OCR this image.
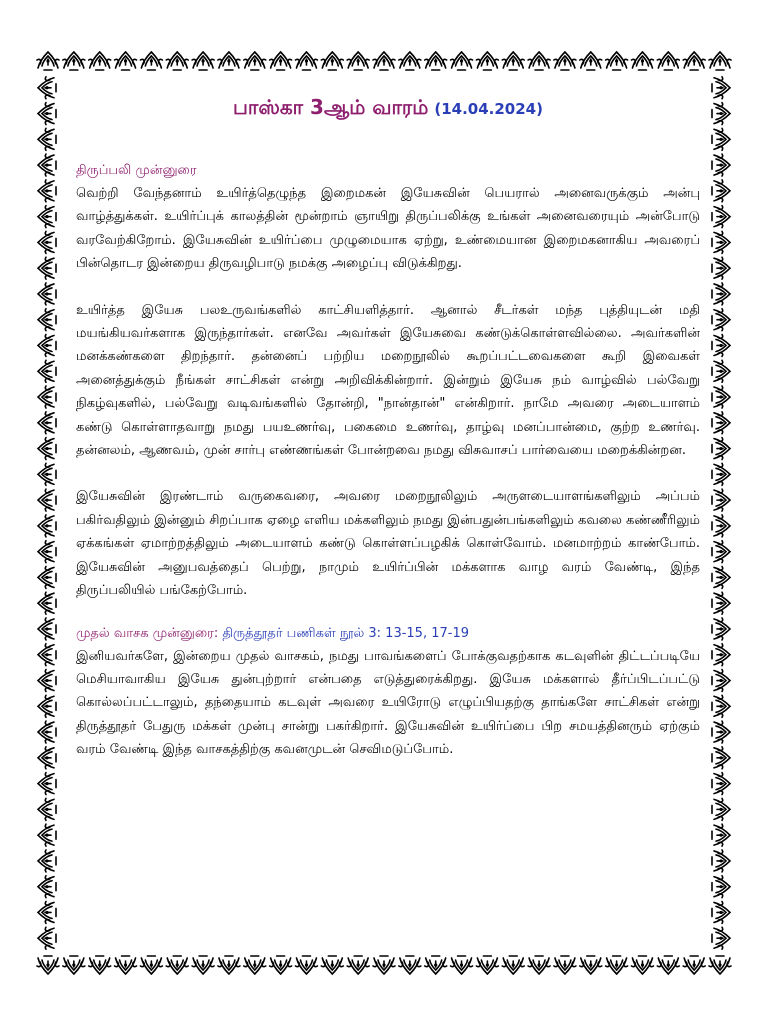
பாஸ்கா 3ஆம் வாரம் (14.04.2024)
திருப்பலி முன்னுரை

வெற்றி வேந்தனாம் உயிர்த்தெழுந்த இறைமகன் இயேசுவின் பெயரால் அனைவருக்கும் அன்பு வாழ்த்துக்கள். உயிர்ப்புக் காலத்தின் மூன்றாம் ஞாயிறு திருப்பலிக்கு உங்கள் அனைவரையும் அன்போடு வரவேற்கிறோம். இயேசுவின் உயிர்ப்பை முழுமையாக ஏற்று, உண்மையான இறைமகனாகிய அவரைப் பின்தொடர இன்றைய திருவழிபாடு நமக்கு அழைப்பு விடுக்கிறது.

உயிர்த்த இயேசு பலஉருவங்களில் காட்சியளித்தார். ஆனால் சீடர்கள் மந்த புத்தியுடன் மதி மயங்கியவர்களாக இருந்தார்கள். எனவே அவர்கள் இயேசுவை கண்டுக்கொள்ளவில்லை. அவர்களின் மனக்கண்களை திறந்தார். தன்னைப் பற்றிய மறைநூலில் கூறப்பட்டவைகளை கூறி இவைகள் அனைத்துக்கும் நீங்கள் சாட்சிகள் என்று அறிவிக்கின்றார். இன்றும் இயேசு நம் வாழ்வில் பல்வேறு நிகழ்வுகளில், பல்வேறு வடிவங்களில் தோன்றி, "நான்தான்" என்கிறார். நாமே அவரை அடையாளம் கண்டு கொள்ளாதவாறு நமது பயஉணர்வு, பகைமை உணர்வு, தாழ்வு மனப்பான்மை, குற்ற உணர்வு. தன்னலம், ஆணவம், முன் சார்பு எண்ணங்கள் போன்றவை நமது விசுவாசப் பார்வையை மறைக்கின்றன.

இயேசுவின் இரண்டாம் வருகைவரை, அவரை மறைநூலிலும் அருளடையாளங்களிலும் அப்பம் பகிர்வதிலும் இன்னும் சிறப்பாக ஏழை எளிய மக்களிலும் நமது இன்பதுன்பங்களிலும் கவலை கண்ணீரிலும் ஏக்கங்கள் ஏமாற்றத்திலும் அடையாளம் கண்டு கொள்ளப்பழகிக் கொள்வோம். மனமாற்றம் காண்போம். இயேசுவின் அனுபவத்தைப் பெற்று, நாமும் உயிர்ப்பின் மக்களாக வாழ வரம் வேண்டி, இந்த திருப்பலியில் பங்கேற்போம்.

முதல் வாசக முன்னுரை: திருத்தூதர் பணிகள் நூல் 3: 13-15, 17-19

இனியவர்களே, இன்றைய முதல் வாசகம், நமது பாவங்களைப் போக்குவதற்காக கடவுளின் திட்டப்படியே மெசியாவாகிய இயேசு துன்புற்றார் என்பதை எடுத்துரைக்கிறது. இயேசு மக்களால் தீர்ப்பிடப்பட்டு கொல்லப்பட்டாலும், தந்தையாம் கடவுள் அவரை உயிரோடு எழுப்பியதற்கு தாங்களே சாட்சிகள் என்று திருத்தூதர் பேதுரு மக்கள் முன்பு சான்று பகர்கிறார். இயேசுவின் உயிர்ப்பை பிற சமயத்தினரும் ஏற்கும் வரம் வேண்டி இந்த வாசகத்திற்கு கவனமுடன் செவிமடுப்போம்.
